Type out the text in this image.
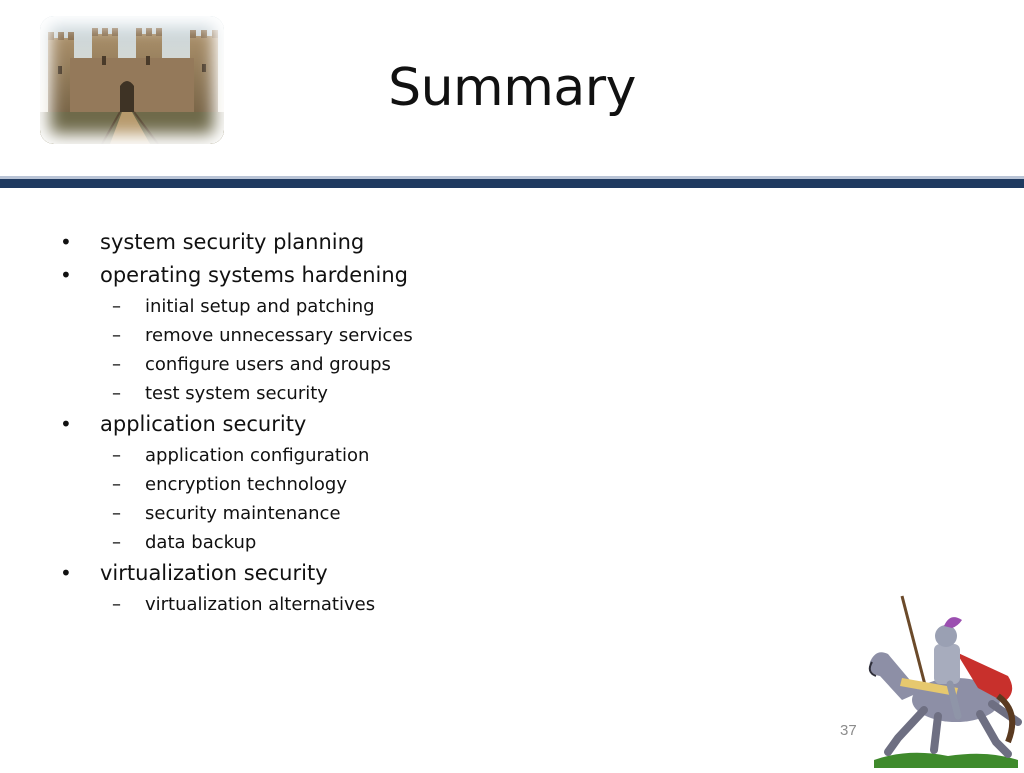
Summary
•	system security planning
•	operating systems hardening
–	initial setup and patching
–	remove unnecessary services
–	configure users and groups
–	test system security
•	application security
–	application configuration
–	encryption technology
–	security maintenance
–	data backup
•	virtualization security
–	virtualization alternatives
37
